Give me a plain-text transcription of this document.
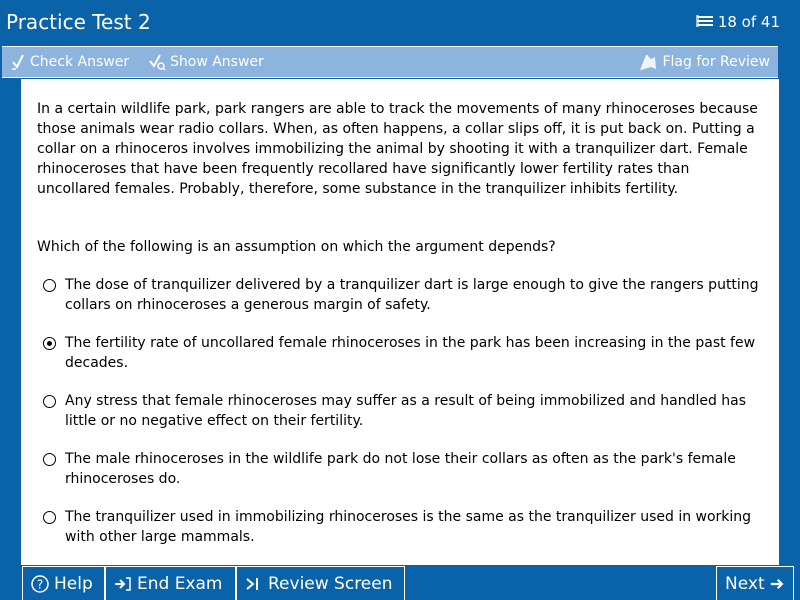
Practice Test 2	18 of 41
Check Answer	Show Answer	Flag for Review
In a certain wildlife park, park rangers are able to track the movements of many rhinoceroses because those animals wear radio collars. When, as often happens, a collar slips off, it is put back on. Putting a collar on a rhinoceros involves immobilizing the animal by shooting it with a tranquilizer dart. Female rhinoceroses that have been frequently recollared have significantly lower fertility rates than uncollared females. Probably, therefore, some substance in the tranquilizer inhibits fertility.
Which of the following is an assumption on which the argument depends?
The dose of tranquilizer delivered by a tranquilizer dart is large enough to give the rangers putting collars on rhinoceroses a generous margin of safety.
The fertility rate of uncollared female rhinoceroses in the park has been increasing in the past few decades.
Any stress that female rhinoceroses may suffer as a result of being immobilized and handled has little or no negative effect on their fertility.
The male rhinoceroses in the wildlife park do not lose their collars as often as the park's female rhinoceroses do.
The tranquilizer used in immobilizing rhinoceroses is the same as the tranquilizer used in working with other large mammals.
? Help	End Exam	Review Screen	Next
